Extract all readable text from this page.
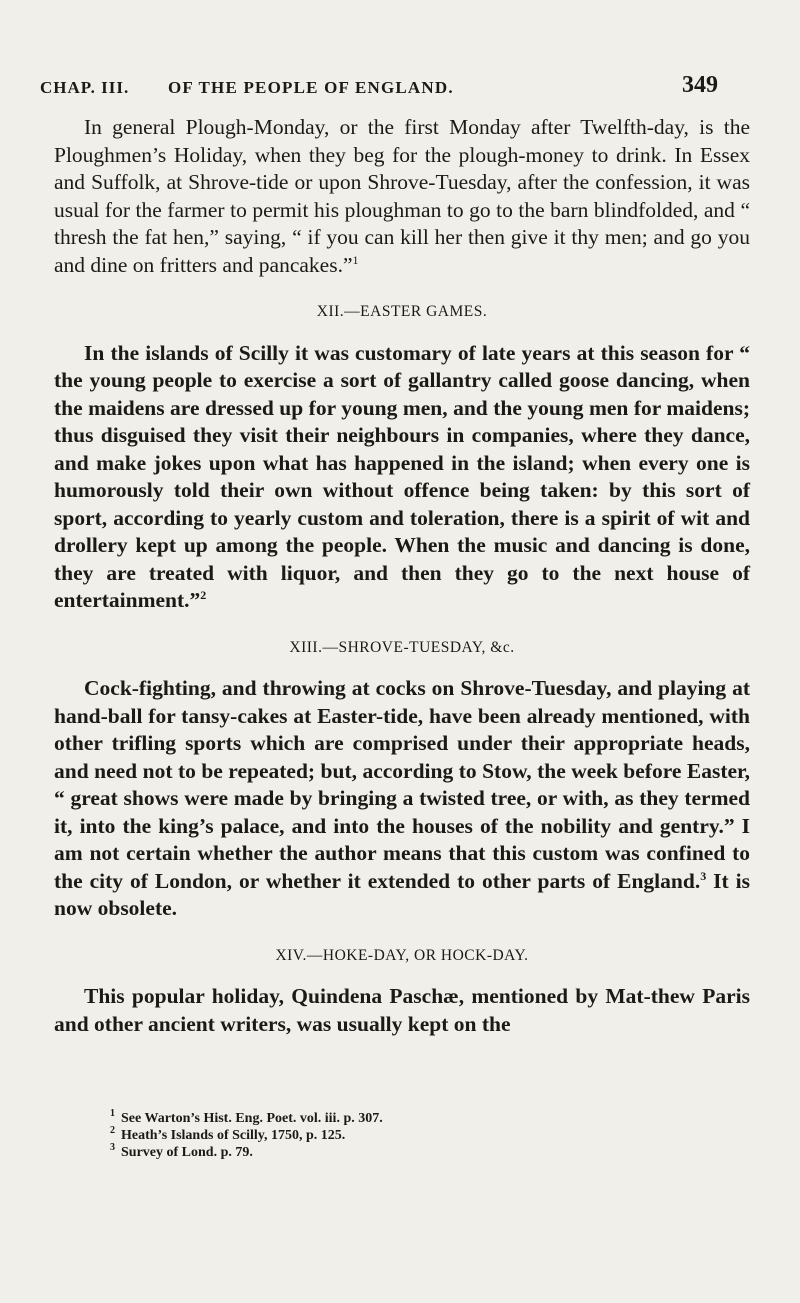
CHAP. III. OF THE PEOPLE OF ENGLAND.	349

In general Plough-Monday, or the first Monday after Twelfth-day, is the Ploughmen’s Holiday, when they beg for the plough-money to drink. In Essex and Suffolk, at Shrove-tide or upon Shrove-Tuesday, after the confession, it was usual for the farmer to permit his ploughman to go to the barn blindfolded, and “ thresh the fat hen,” saying, “ if you can kill her then give it thy men; and go you and dine on fritters and pancakes.”$^1$

XII.—EASTER GAMES.

In the islands of Scilly it was customary of late years at this season for “ the young people to exercise a sort of gallantry called goose dancing, when the maidens are dressed up for young men, and the young men for maidens; thus disguised they visit their neighbours in companies, where they dance, and make jokes upon what has happened in the island; when every one is humorously told their own without offence being taken: by this sort of sport, according to yearly custom and toleration, there is a spirit of wit and drollery kept up among the people. When the music and dancing is done, they are treated with liquor, and then they go to the next house of entertainment.”$^2$

XIII.—SHROVE-TUESDAY, &c.

Cock-fighting, and throwing at cocks on Shrove-Tuesday, and playing at hand-ball for tansy-cakes at Easter-tide, have been already mentioned, with other trifling sports which are comprised under their appropriate heads, and need not to be repeated; but, according to Stow, the week before Easter, “ great shows were made by bringing a twisted tree, or with, as they termed it, into the king’s palace, and into the houses of the nobility and gentry.” I am not certain whether the author means that this custom was confined to the city of London, or whether it extended to other parts of England.$^3$ It is now obsolete.

XIV.—HOKE-DAY, OR HOCK-DAY.

This popular holiday, Quindena Paschæ, mentioned by Mat-thew Paris and other ancient writers, was usually kept on the

$^1$ See Warton’s Hist. Eng. Poet. vol. iii. p. 307.
$^2$ Heath’s Islands of Scilly, 1750, p. 125.
$^3$ Survey of Lond. p. 79.
